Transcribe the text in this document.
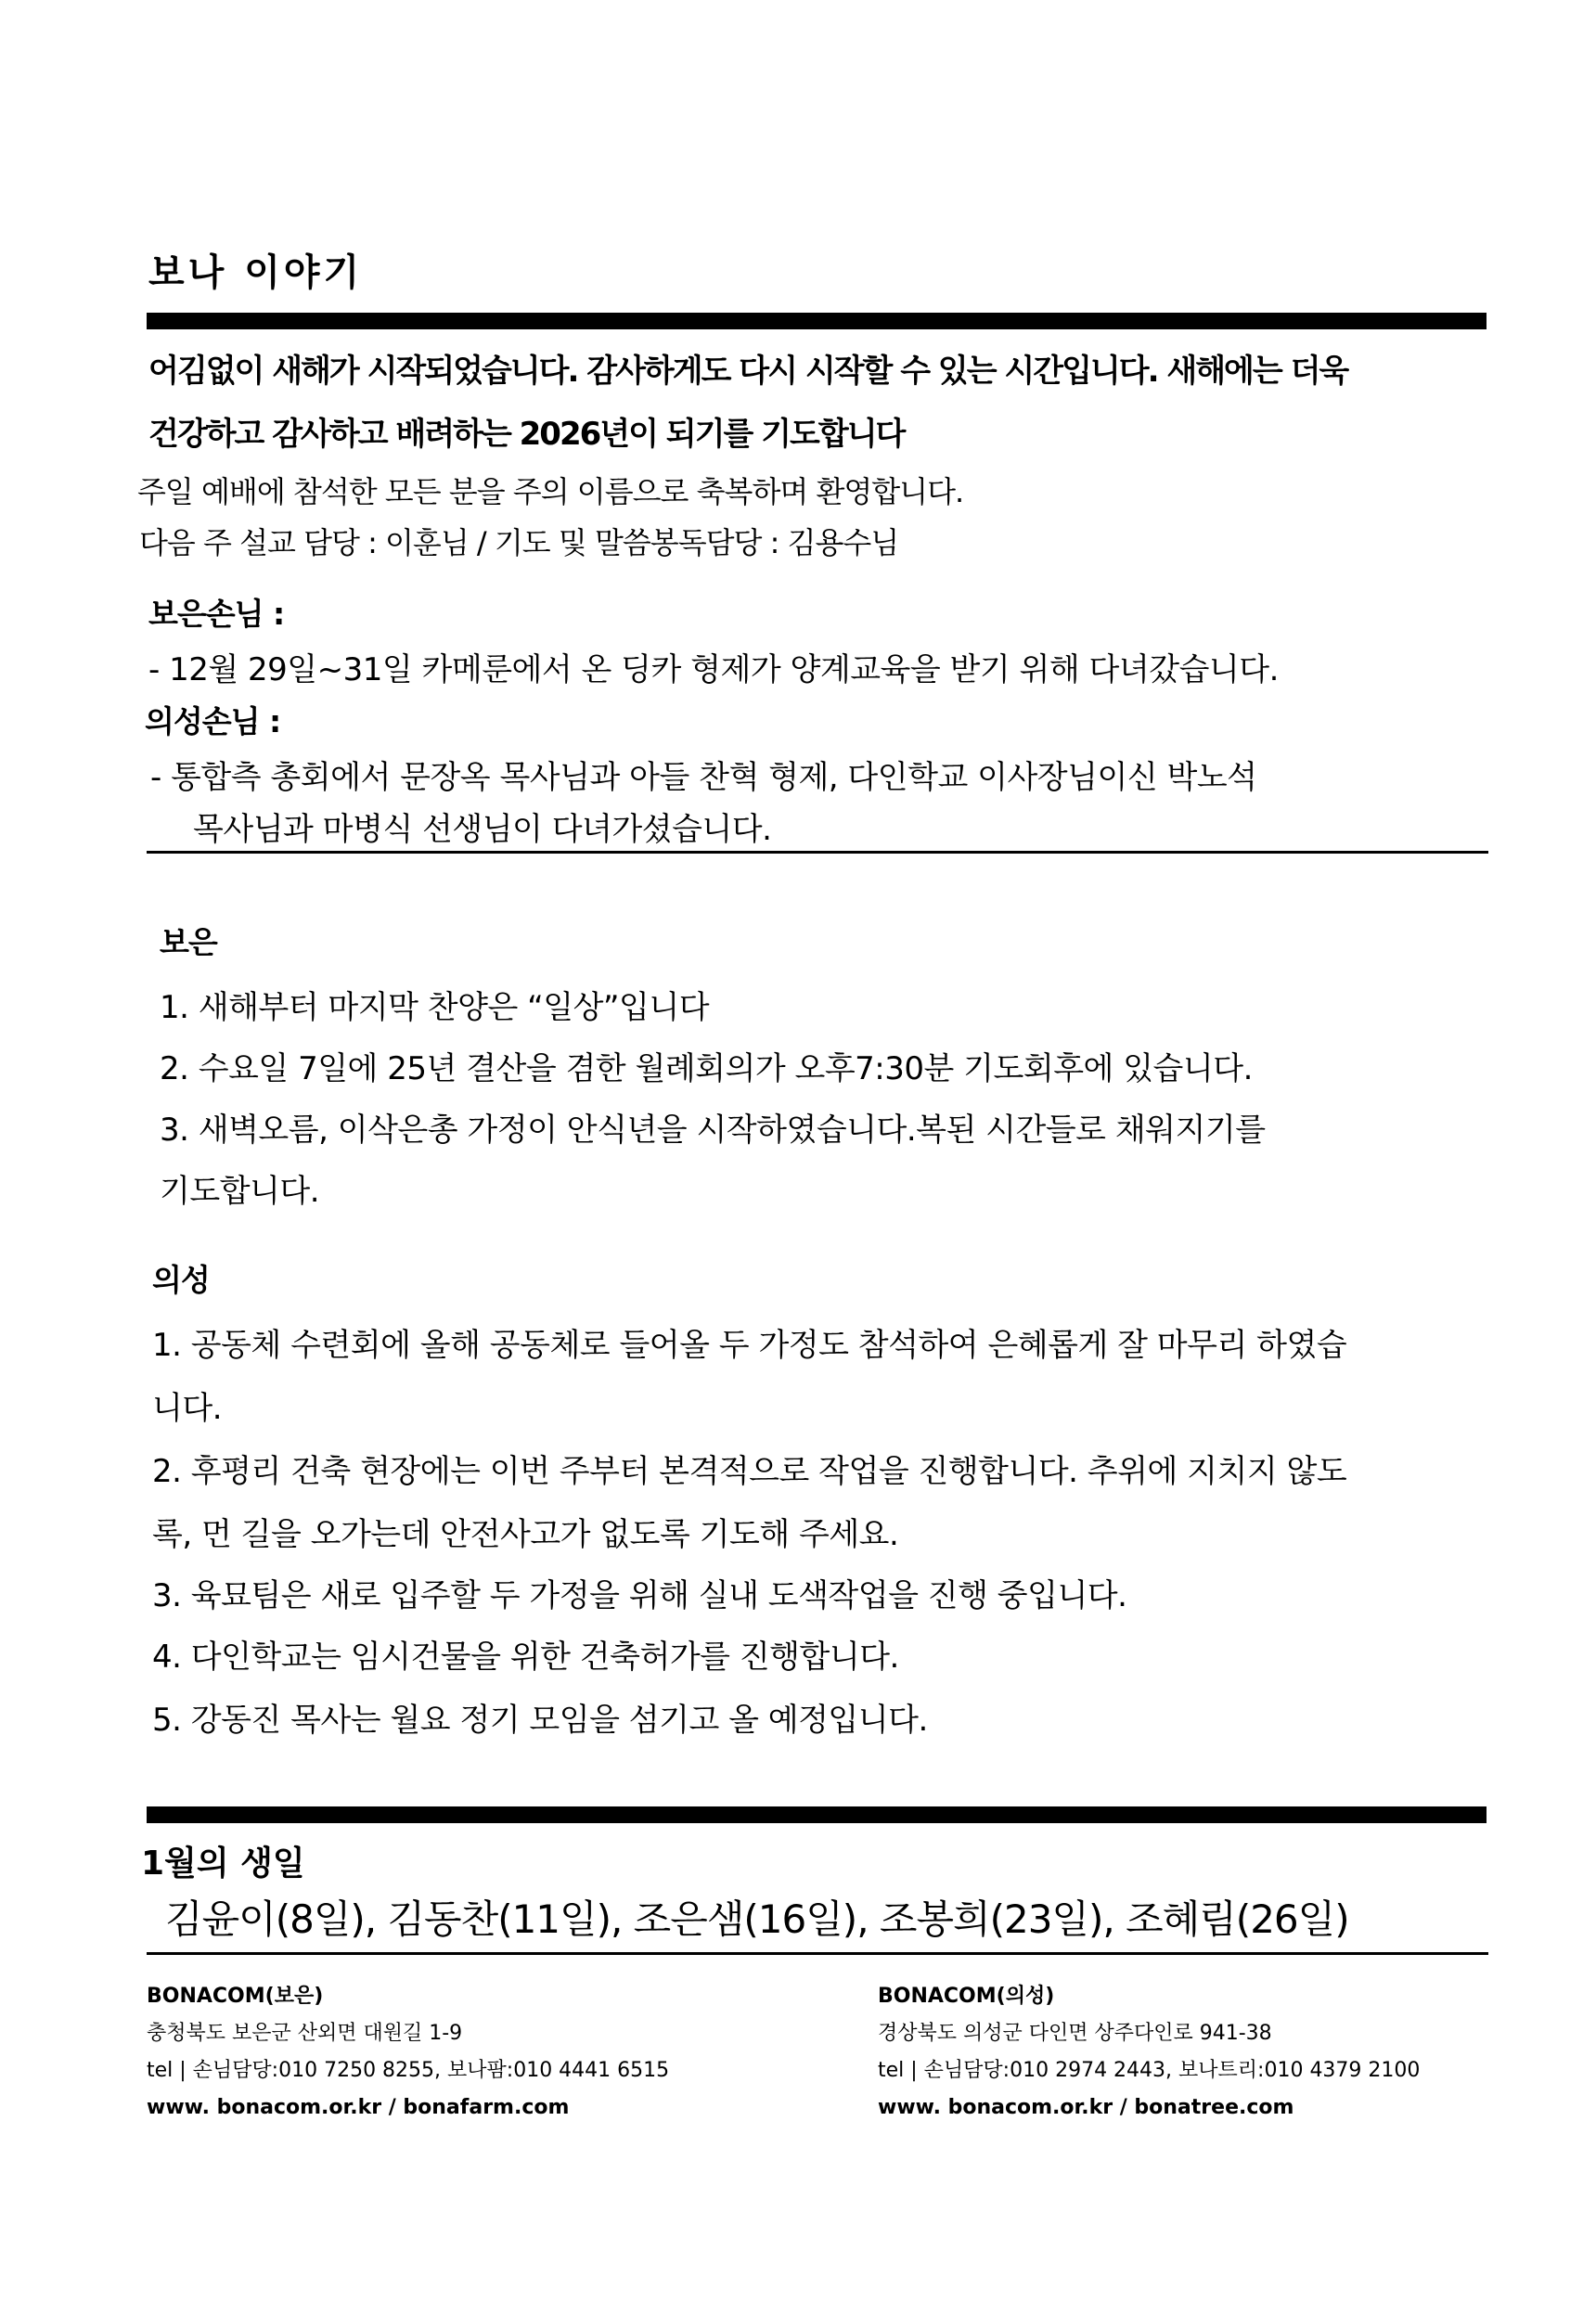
보나 이야기
어김없이 새해가 시작되었습니다. 감사하게도 다시 시작할 수 있는 시간입니다. 새해에는 더욱
건강하고 감사하고 배려하는 2026년이 되기를 기도합니다
주일 예배에 참석한 모든 분을 주의 이름으로 축복하며 환영합니다.
다음 주 설교 담당 : 이훈님 / 기도 및 말씀봉독담당 : 김용수님
보은손님 :
- 12월 29일~31일 카메룬에서 온 딩카 형제가 양계교육을 받기 위해 다녀갔습니다.
의성손님 :
- 통합측 총회에서 문장옥 목사님과 아들 찬혁 형제, 다인학교 이사장님이신 박노석
목사님과 마병식 선생님이 다녀가셨습니다.
보은
1. 새해부터 마지막 찬양은 “일상”입니다
2. 수요일 7일에 25년 결산을 겸한 월례회의가 오후7:30분 기도회후에 있습니다.
3. 새벽오름, 이삭은총 가정이 안식년을 시작하였습니다.복된 시간들로 채워지기를
기도합니다.
의성
1. 공동체 수련회에 올해 공동체로 들어올 두 가정도 참석하여 은혜롭게 잘 마무리 하였습
니다.
2. 후평리 건축 현장에는 이번 주부터 본격적으로 작업을 진행합니다. 추위에 지치지 않도
록, 먼 길을 오가는데 안전사고가 없도록 기도해 주세요.
3. 육묘팀은 새로 입주할 두 가정을 위해 실내 도색작업을 진행 중입니다.
4. 다인학교는 임시건물을 위한 건축허가를 진행합니다.
5. 강동진 목사는 월요 정기 모임을 섬기고 올 예정입니다.
1월의 생일
김윤이(8일), 김동찬(11일), 조은샘(16일), 조봉희(23일), 조혜림(26일)
BONACOM(보은)
충청북도 보은군 산외면 대원길 1-9
tel | 손님담당:010 7250 8255, 보나팜:010 4441 6515
www. bonacom.or.kr / bonafarm.com
BONACOM(의성)
경상북도 의성군 다인면 상주다인로 941-38
tel | 손님담당:010 2974 2443, 보나트리:010 4379 2100
www. bonacom.or.kr / bonatree.com
